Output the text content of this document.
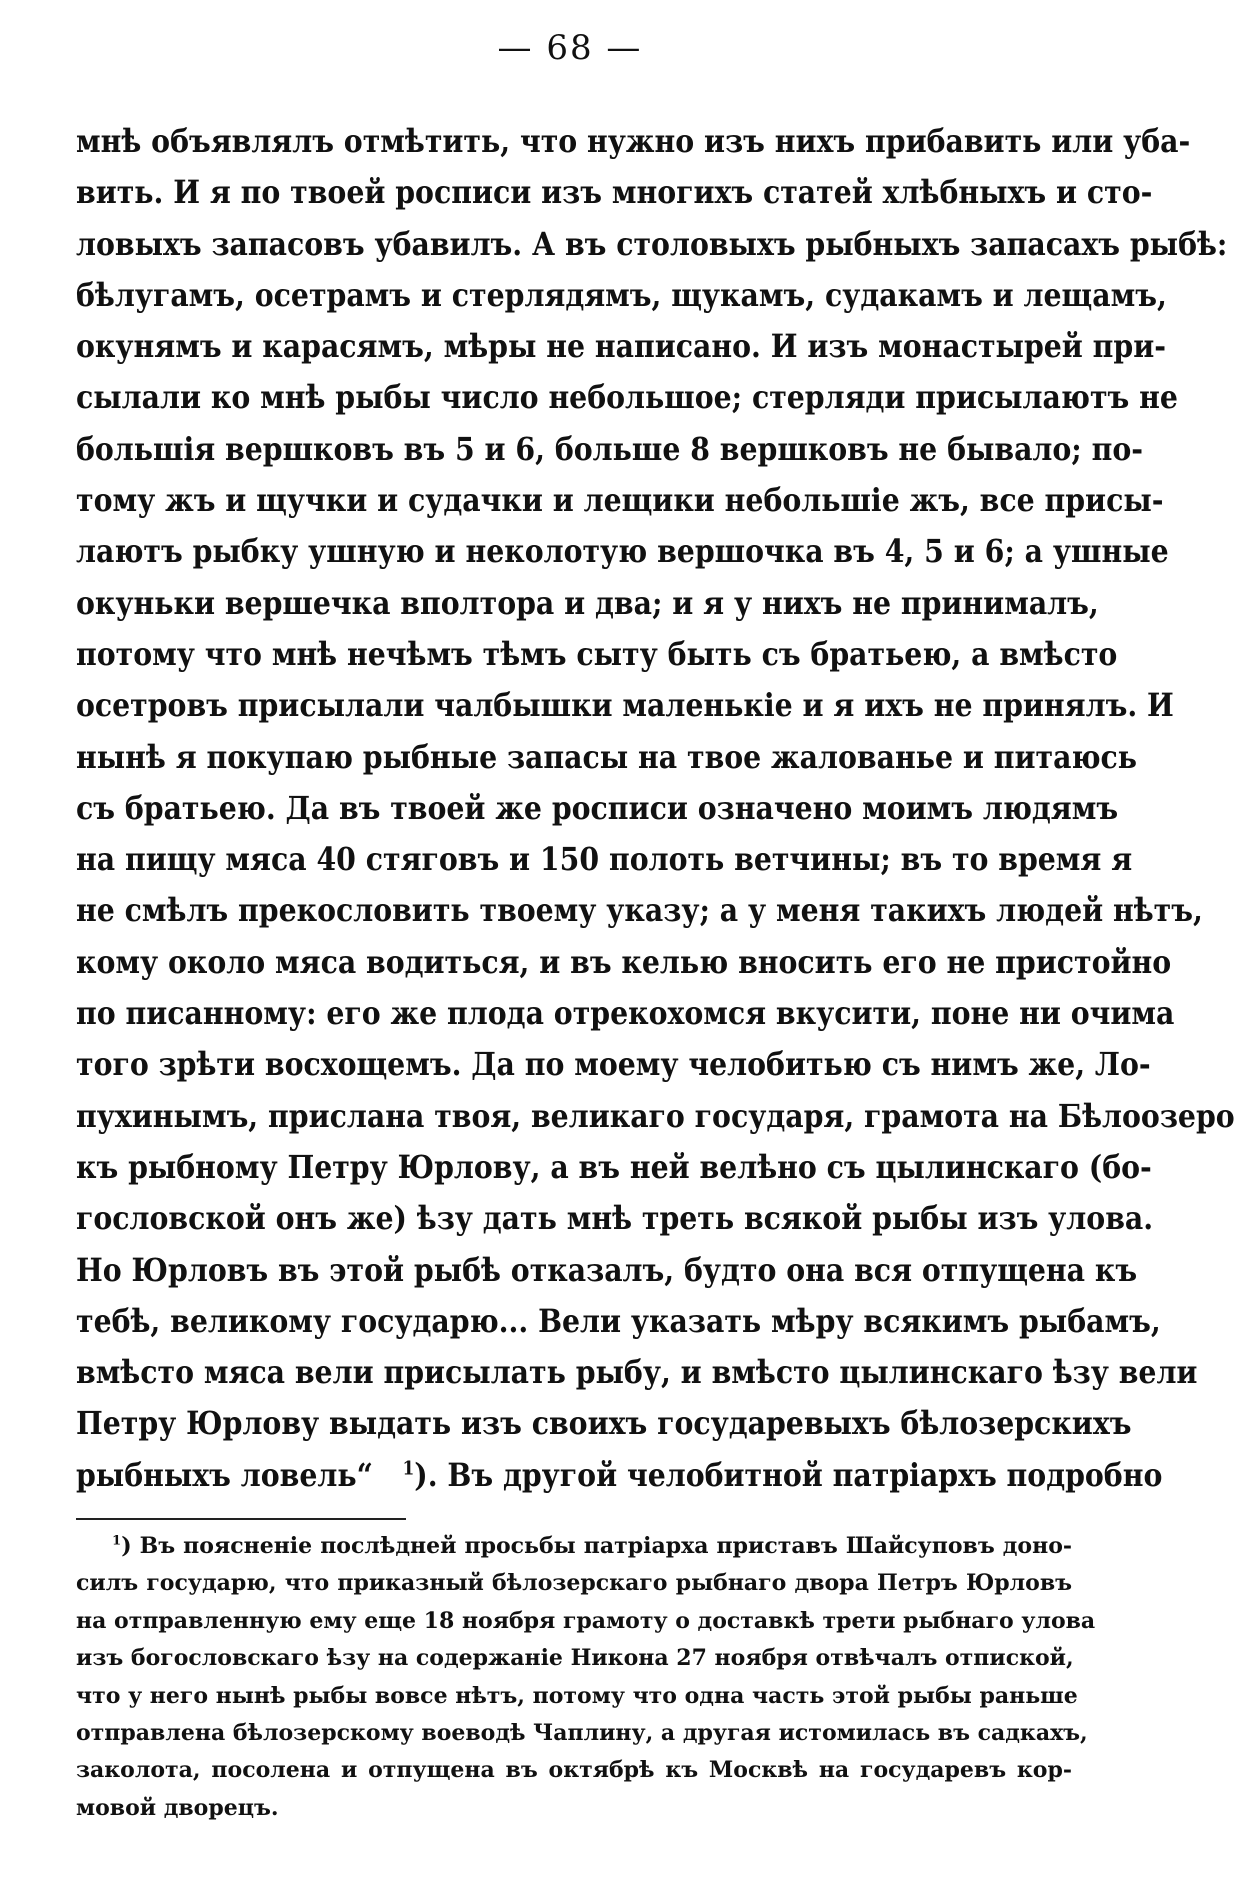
— 68 —
мнѣ объявлялъ отмѣтить, что нужно изъ нихъ прибавить или уба-
вить. И я по твоей росписи изъ многихъ статей хлѣбныхъ и сто-
ловыхъ запасовъ убавилъ. А въ столовыхъ рыбныхъ запасахъ рыбѣ:
бѣлугамъ, осетрамъ и стерлядямъ, щукамъ, судакамъ и лещамъ,
окунямъ и карасямъ, мѣры не написано. И изъ монастырей при-
сылали ко мнѣ рыбы число небольшое; стерляди присылаютъ не
большія вершковъ въ 5 и 6, больше 8 вершковъ не бывало; по-
тому жъ и щучки и судачки и лещики небольшіе жъ, все присы-
лаютъ рыбку ушную и неколотую вершочка въ 4, 5 и 6; а ушные
окуньки вершечка вполтора и два; и я у нихъ не принималъ,
потому что мнѣ нечѣмъ тѣмъ сыту быть съ братьею, а вмѣсто
осетровъ присылали чалбышки маленькіе и я ихъ не принялъ. И
нынѣ я покупаю рыбные запасы на твое жалованье и питаюсь
съ братьею. Да въ твоей же росписи означено моимъ людямъ
на пищу мяса 40 стяговъ и 150 полоть ветчины; въ то время я
не смѣлъ прекословить твоему указу; а у меня такихъ людей нѣтъ,
кому около мяса водиться, и въ келью вносить его не пристойно
по писанному: его же плода отрекохомся вкусити, поне ни очима
того зрѣти восхощемъ. Да по моему челобитью съ нимъ же, Ло-
пухинымъ, прислана твоя, великаго государя, грамота на Бѣлоозеро
къ рыбному Петру Юрлову, а въ ней велѣно съ цылинскаго (бо-
гословской онъ же) ѣзу дать мнѣ треть всякой рыбы изъ улова.
Но Юрловъ въ этой рыбѣ отказалъ, будто она вся отпущена къ
тебѣ, великому государю... Вели указать мѣру всякимъ рыбамъ,
вмѣсто мяса вели присылать рыбу, и вмѣсто цылинскаго ѣзу вели
Петру Юрлову выдать изъ своихъ государевыхъ бѣлозерскихъ
рыбныхъ ловель“ $^1$). Въ другой челобитной патріархъ подробно
$^1$) Въ поясненіе послѣдней просьбы патріарха приставъ Шайсуповъ доно-
силъ государю, что приказный бѣлозерскаго рыбнаго двора Петръ Юрловъ
на отправленную ему еще 18 ноября грамоту о доставкѣ трети рыбнаго улова
изъ богословскаго ѣзу на содержаніе Никона 27 ноября отвѣчалъ отпиской,
что у него нынѣ рыбы вовсе нѣтъ, потому что одна часть этой рыбы раньше
отправлена бѣлозерскому воеводѣ Чаплину, а другая истомилась въ садкахъ,
заколота, посолена и отпущена въ октябрѣ къ Москвѣ на государевъ кор-
мовой дворецъ.
